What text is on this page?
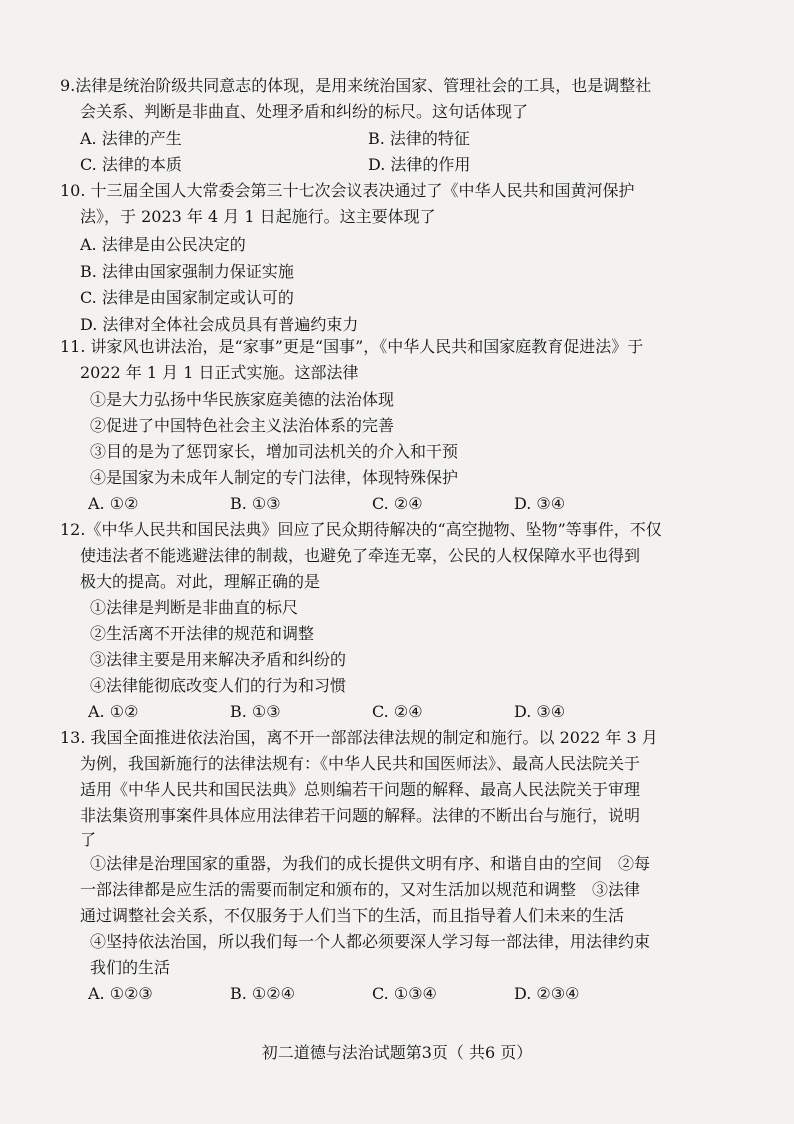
9.法律是统治阶级共同意志的体现，是用来统治国家、管理社会的工具，也是调整社
会关系、判断是非曲直、处理矛盾和纠纷的标尺。这句话体现了
A. 法律的产生	B. 法律的特征
C. 法律的本质	D. 法律的作用
10. 十三届全国人大常委会第三十七次会议表决通过了《中华人民共和国黄河保护
法》，于 2023 年 4 月 1 日起施行。这主要体现了
A. 法律是由公民决定的
B. 法律由国家强制力保证实施
C. 法律是由国家制定或认可的
D. 法律对全体社会成员具有普遍约束力
11. 讲家风也讲法治，是“家事”更是“国事”，《中华人民共和国家庭教育促进法》于
2022 年 1 月 1 日正式实施。这部法律
①是大力弘扬中华民族家庭美德的法治体现
②促进了中国特色社会主义法治体系的完善
③目的是为了惩罚家长，增加司法机关的介入和干预
④是国家为未成年人制定的专门法律，体现特殊保护
A. ①②	B. ①③	C. ②④	D. ③④
12.《中华人民共和国民法典》回应了民众期待解决的“高空抛物、坠物”等事件，不仅
使违法者不能逃避法律的制裁，也避免了牵连无辜，公民的人权保障水平也得到
极大的提高。对此，理解正确的是
①法律是判断是非曲直的标尺
②生活离不开法律的规范和调整
③法律主要是用来解决矛盾和纠纷的
④法律能彻底改变人们的行为和习惯
A. ①②	B. ①③	C. ②④	D. ③④
13. 我国全面推进依法治国，离不开一部部法律法规的制定和施行。以 2022 年 3 月
为例，我国新施行的法律法规有：《中华人民共和国医师法》、最高人民法院关于
适用《中华人民共和国民法典》总则编若干问题的解释、最高人民法院关于审理
非法集资刑事案件具体应用法律若干问题的解释。法律的不断出台与施行，说明
了
①法律是治理国家的重器，为我们的成长提供文明有序、和谐自由的空间　②每
一部法律都是应生活的需要而制定和颁布的，又对生活加以规范和调整　③法律
通过调整社会关系，不仅服务于人们当下的生活，而且指导着人们未来的生活
④坚持依法治国，所以我们每一个人都必须要深人学习每一部法律，用法律约束
我们的生活
A. ①②③	B. ①②④	C. ①③④	D. ②③④
初二道德与法治试题第3页（ 共6 页）
